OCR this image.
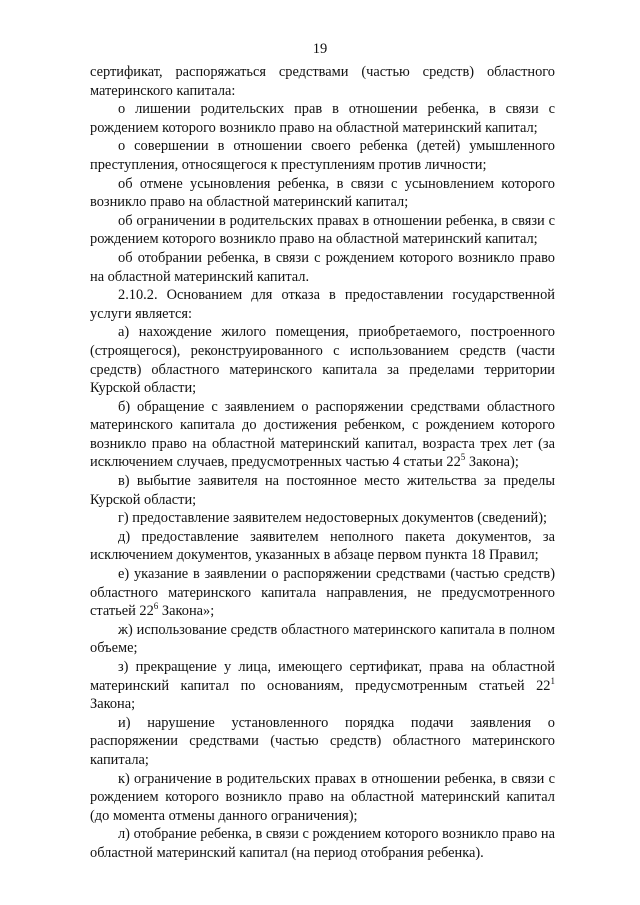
19

сертификат, распоряжаться средствами (частью средств) областного материнского капитала:

о лишении родительских прав в отношении ребенка, в связи с рождением которого возникло право на областной материнский капитал;

о совершении в отношении своего ребенка (детей) умышленного преступления, относящегося к преступлениям против личности;

об отмене усыновления ребенка, в связи с усыновлением которого возникло право на областной материнский капитал;

об ограничении в родительских правах в отношении ребенка, в связи с рождением которого возникло право на областной материнский капитал;

об отобрании ребенка, в связи с рождением которого возникло право на областной материнский капитал.

2.10.2. Основанием для отказа в предоставлении государственной услуги является:

а) нахождение жилого помещения, приобретаемого, построенного (строящегося), реконструированного с использованием средств (части средств) областного материнского капитала за пределами территории Курской области;

б) обращение с заявлением о распоряжении средствами областного материнского капитала до достижения ребенком, с рождением которого возникло право на областной материнский капитал, возраста трех лет (за исключением случаев, предусмотренных частью 4 статьи $22^5$ Закона);

в) выбытие заявителя на постоянное место жительства за пределы Курской области;

г) предоставление заявителем недостоверных документов (сведений);

д) предоставление заявителем неполного пакета документов, за исключением документов, указанных в абзаце первом пункта 18 Правил;

е) указание в заявлении о распоряжении средствами (частью средств) областного материнского капитала направления, не предусмотренного статьей $22^6$ Закона»;

ж) использование средств областного материнского капитала в полном объеме;

з) прекращение у лица, имеющего сертификат, права на областной материнский капитал по основаниям, предусмотренным статьей $22^1$ Закона;

и) нарушение установленного порядка подачи заявления о распоряжении средствами (частью средств) областного материнского капитала;

к) ограничение в родительских правах в отношении ребенка, в связи с рождением которого возникло право на областной материнский капитал (до момента отмены данного ограничения);

л) отобрание ребенка, в связи с рождением которого возникло право на областной материнский капитал (на период отобрания ребенка).
